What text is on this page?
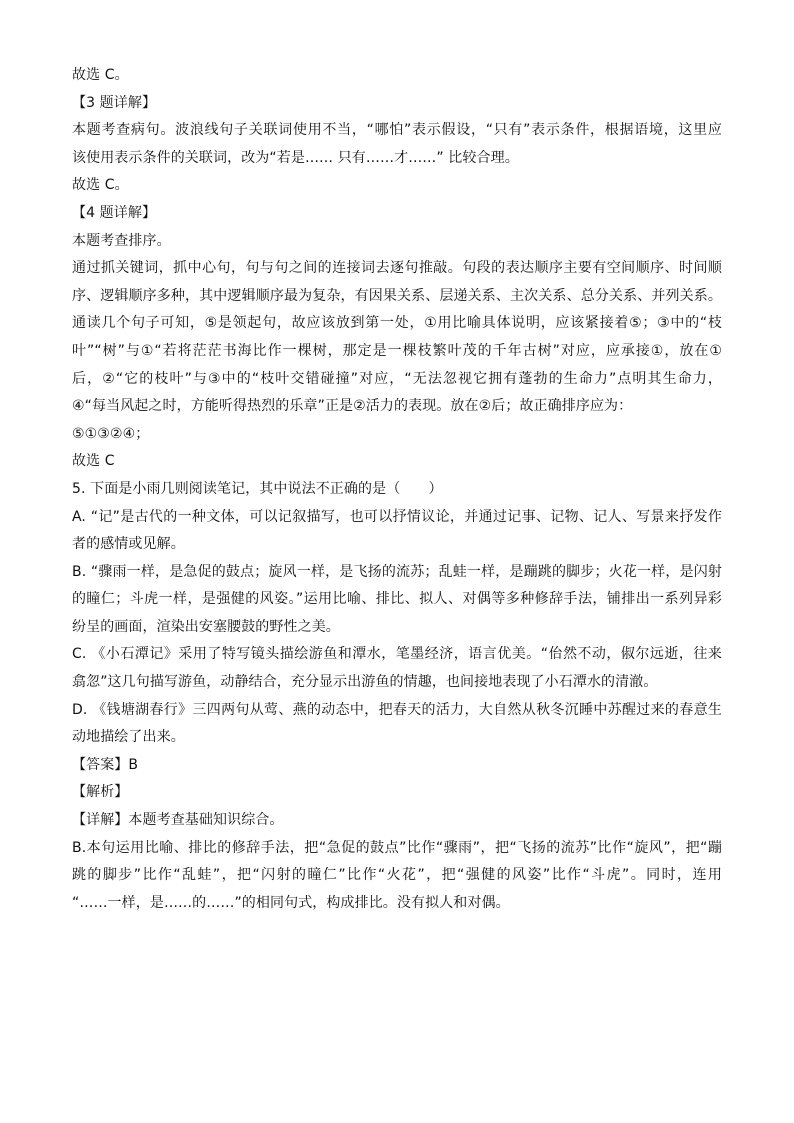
故选 C。
【3 题详解】
本题考查病句。波浪线句子关联词使用不当，“哪怕”表示假设，“只有”表示条件，根据语境，这里应
该使用表示条件的关联词，改为“若是…… 只有……才……” 比较合理。
故选 C。
【4 题详解】
本题考查排序。
通过抓关键词，抓中心句，句与句之间的连接词去逐句推敲。句段的表达顺序主要有空间顺序、时间顺
序、逻辑顺序多种，其中逻辑顺序最为复杂，有因果关系、层递关系、主次关系、总分关系、并列关系。
通读几个句子可知，⑤是领起句，故应该放到第一处，①用比喻具体说明，应该紧接着⑤；③中的“枝
叶”“树”与①“若将茫茫书海比作一棵树，那定是一棵枝繁叶茂的千年古树”对应，应承接①，放在①
后，②“它的枝叶”与③中的“枝叶交错碰撞”对应，“无法忽视它拥有蓬勃的生命力”点明其生命力，
④“每当风起之时，方能听得热烈的乐章”正是②活力的表现。放在②后；故正确排序应为：
⑤①③②④；
故选 C
5. 下面是小雨几则阅读笔记，其中说法不正确的是（　　）
A. “记”是古代的一种文体，可以记叙描写，也可以抒情议论，并通过记事、记物、记人、写景来抒发作
者的感情或见解。
B. “骤雨一样，是急促的鼓点；旋风一样，是飞扬的流苏；乱蛙一样，是蹦跳的脚步；火花一样，是闪射
的瞳仁；斗虎一样，是强健的风姿。”运用比喻、排比、拟人、对偶等多种修辞手法，铺排出一系列异彩
纷呈的画面，渲染出安塞腰鼓的野性之美。
C. 《小石潭记》采用了特写镜头描绘游鱼和潭水，笔墨经济，语言优美。“佁然不动，俶尔远逝，往来
翕忽”这几句描写游鱼，动静结合，充分显示出游鱼的情趣，也间接地表现了小石潭水的清澈。
D. 《钱塘湖春行》三四两句从莺、燕的动态中，把春天的活力，大自然从秋冬沉睡中苏醒过来的春意生
动地描绘了出来。
【答案】B
【解析】
【详解】本题考查基础知识综合。
B.本句运用比喻、排比的修辞手法，把“急促的鼓点”比作“骤雨”，把“飞扬的流苏”比作“旋风”，把“蹦
跳的脚步”比作“乱蛙”，把“闪射的瞳仁”比作“火花”，把“强健的风姿”比作“斗虎”。同时，连用
“……一样，是……的……”的相同句式，构成排比。没有拟人和对偶。
